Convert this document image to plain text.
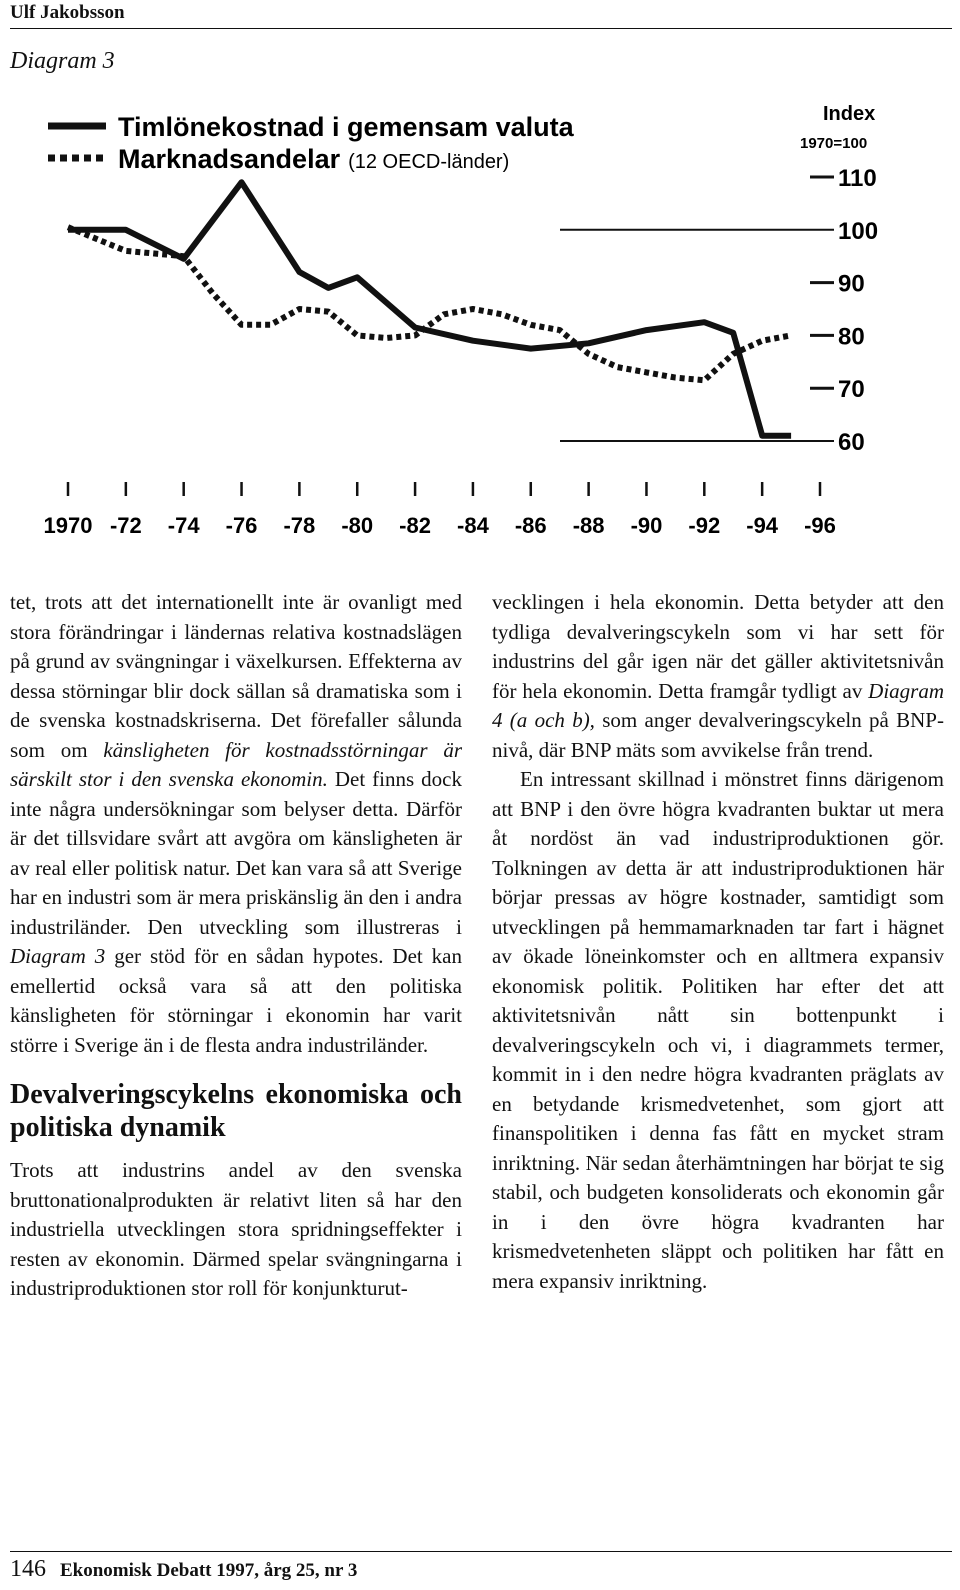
Ulf Jakobsson
Diagram 3
Timlönekostnad i gemensam valuta
Marknadsandelar (12 OECD-länder)
Index
1970=100
110
100
90
80
70
60
1970 -72 -74 -76 -78 -80 -82 -84 -86 -88 -90 -92 -94 -96

tet, trots att det internationellt inte är ovanligt med stora förändringar i ländernas relativa kostnadslägen på grund av svängningar i växelkursen. Effekterna av dessa störningar blir dock sällan så dramatiska som i de svenska kostnadskriserna. Det förefaller sålunda som om känsligheten för kostnadsstörningar är särskilt stor i den svenska ekonomin. Det finns dock inte några undersökningar som belyser detta. Därför är det tillsvidare svårt att avgöra om känsligheten är av real eller politisk natur. Det kan vara så att Sverige har en industri som är mera priskänslig än den i andra industriländer. Den utveckling som illustreras i Diagram 3 ger stöd för en sådan hypotes. Det kan emellertid också vara så att den politiska känsligheten för störningar i ekonomin har varit större i Sverige än i de flesta andra industriländer.

Devalveringscykelns ekonomiska och politiska dynamik

Trots att industrins andel av den svenska bruttonationalprodukten är relativt liten så har den industriella utvecklingen stora spridningseffekter i resten av ekonomin. Därmed spelar svängningarna i industriproduktionen stor roll för konjunkturut-

vecklingen i hela ekonomin. Detta betyder att den tydliga devalveringscykeln som vi har sett för industrins del går igen när det gäller aktivitetsnivån för hela ekonomin. Detta framgår tydligt av Diagram 4 (a och b), som anger devalveringscykeln på BNP-nivå, där BNP mäts som avvikelse från trend.

En intressant skillnad i mönstret finns därigenom att BNP i den övre högra kvadranten buktar ut mera åt nordöst än vad industriproduktionen gör. Tolkningen av detta är att industriproduktionen här börjar pressas av högre kostnader, samtidigt som utvecklingen på hemmamarknaden tar fart i hägnet av ökade löneinkomster och en alltmera expansiv ekonomisk politik. Politiken har efter det att aktivitetsnivån nått sin bottenpunkt i devalveringscykeln och vi, i diagrammets termer, kommit in i den nedre högra kvadranten präglats av en betydande krismedvetenhet, som gjort att finanspolitiken i denna fas fått en mycket stram inriktning. När sedan återhämtningen har börjat te sig stabil, och budgeten konsoliderats och ekonomin går in i den övre högra kvadranten har krismedvetenheten släppt och politiken har fått en mera expansiv inriktning.

146 Ekonomisk Debatt 1997, årg 25, nr 3
